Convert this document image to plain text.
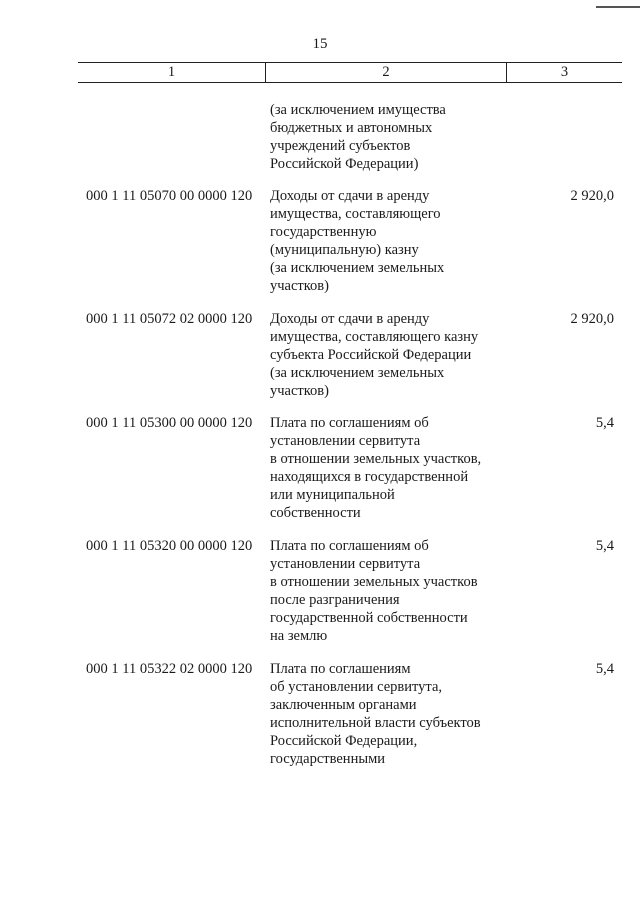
15
1	2	3
(за исключением имущества
бюджетных и автономных
учреждений субъектов
Российской Федерации)
000 1 11 05070 00 0000 120 Доходы от сдачи в аренду
имущества, составляющего
государственную
(муниципальную) казну
(за исключением земельных
участков)
2 920,0
000 1 11 05072 02 0000 120 Доходы от сдачи в аренду
имущества, составляющего казну
субъекта Российской Федерации
(за исключением земельных
участков)
2 920,0
000 1 11 05300 00 0000 120 Плата по соглашениям об
установлении сервитута
в отношении земельных участков,
находящихся в государственной
или муниципальной
собственности
5,4
000 1 11 05320 00 0000 120 Плата по соглашениям об
установлении сервитута
в отношении земельных участков
после разграничения
государственной собственности
на землю
5,4
000 1 11 05322 02 0000 120 Плата по соглашениям
об установлении сервитута,
заключенным органами
исполнительной власти субъектов
Российской Федерации,
государственными
5,4
